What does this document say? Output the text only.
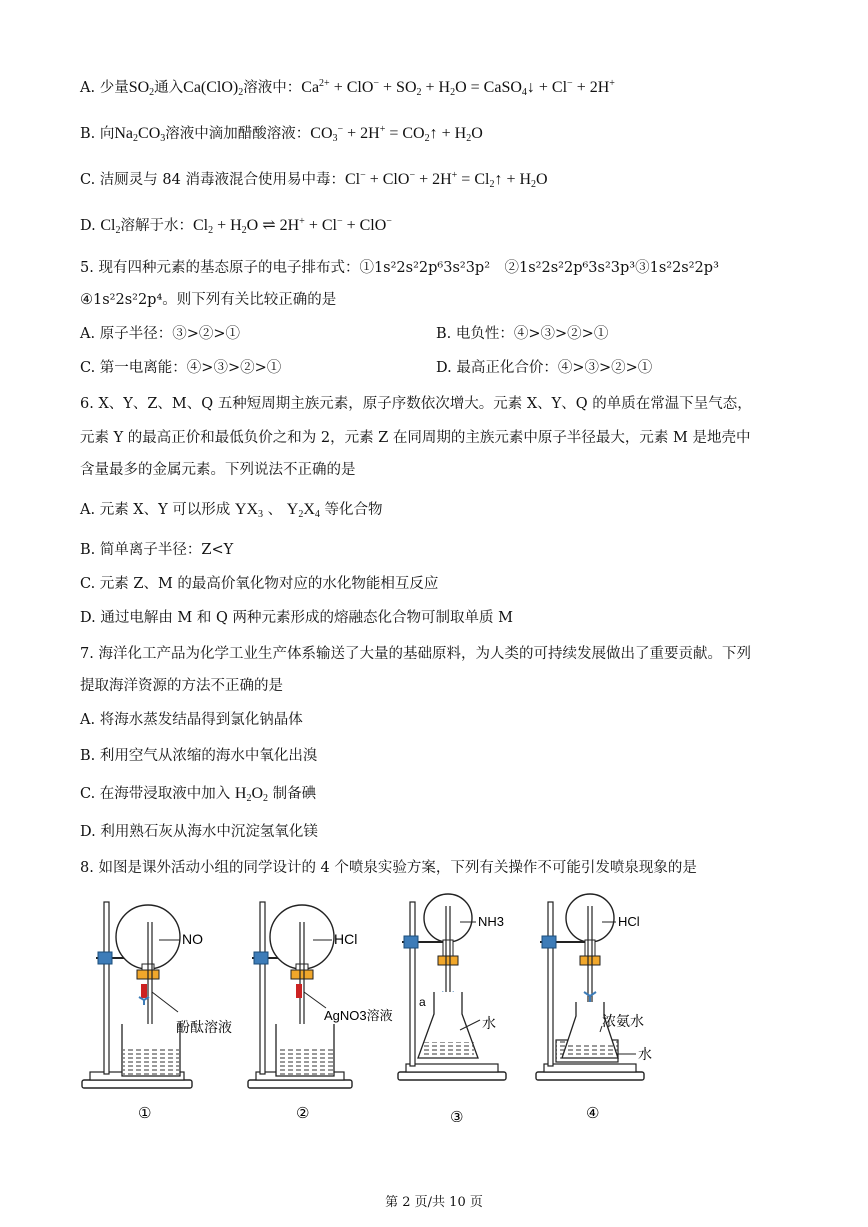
A. 少量$SO_2$通入$Ca(ClO)_2$溶液中：$Ca^{2+} + ClO^- + SO_2 + H_2O$ = CaSO$_4$↓ + Cl− + 2H+
B. 向$Na_2CO_3$溶液中滴加醋酸溶液：$CO_3^- + 2H^+$ = $CO_2↑ + H_2O$
C. 洁厕灵与 84 消毒液混合使用易中毒：$Cl^- + ClO^- + 2H^+ = Cl_2↑ + H_2O$
D. $Cl_2$溶解于水：$Cl_2 + H_2O$ ⇌ 2H+ + Cl− + ClO−
5. 现有四种元素的基态原子的电子排布式：①1s²2s²2p⁶3s²3p²　②1s²2s²2p⁶3s²3p³③1s²2s²2p³
④1s²2s²2p⁴。则下列有关比较正确的是
A. 原子半径：③>②>①	B. 电负性：④>③>②>①
C. 第一电离能：④>③>②>①	D. 最高正化合价：④>③>②>①
6. X、Y、Z、M、Q 五种短周期主族元素，原子序数依次增大。元素 X、Y、Q 的单质在常温下呈气态，
元素 Y 的最高正价和最低负价之和为 2，元素 Z 在同周期的主族元素中原子半径最大，元素 M 是地壳中
含量最多的金属元素。下列说法不正确的是
A. 元素 X、Y 可以形成 $YX_3$ 、 $Y_2X_4$ 等化合物
B. 简单离子半径：Z<Y
C. 元素 Z、M 的最高价氧化物对应的水化物能相互反应
D. 通过电解由 M 和 Q 两种元素形成的熔融态化合物可制取单质 M
7. 海洋化工产品为化学工业生产体系输送了大量的基础原料，为人类的可持续发展做出了重要贡献。下列
提取海洋资源的方法不正确的是
A. 将海水蒸发结晶得到氯化钠晶体
B. 利用空气从浓缩的海水中氧化出溴
C. 在海带浸取液中加入 $H_2O_2$ 制备碘
D. 利用熟石灰从海水中沉淀氢氧化镁
8. 如图是课外活动小组的同学设计的 4 个喷泉实验方案，下列有关操作不可能引发喷泉现象的是
NO
酚酞溶液
①
HCl
AgNO3溶液
②
a
NH3
水
③
HCl
浓氨水
水
④
第 2 页/共 10 页
